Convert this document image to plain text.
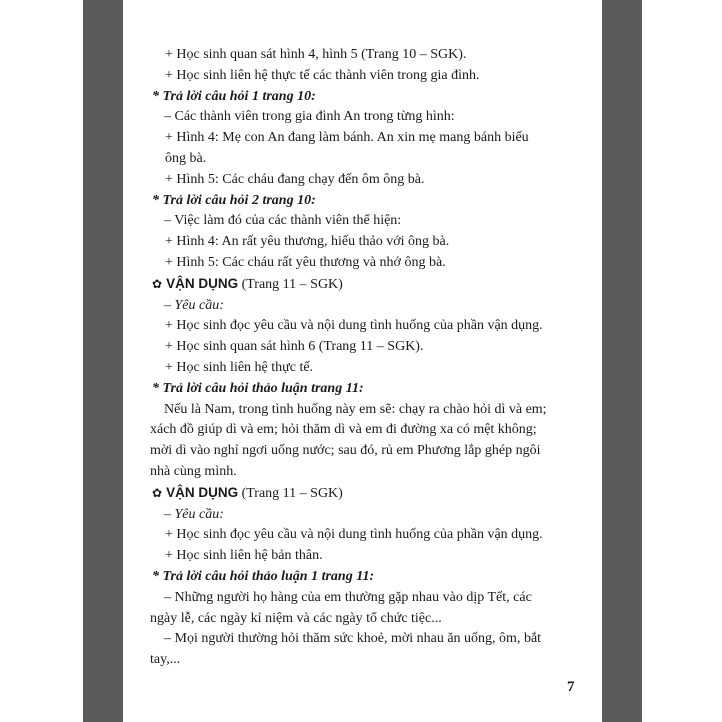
+ Học sinh quan sát hình 4, hình 5 (Trang 10 – SGK).
+ Học sinh liên hệ thực tế các thành viên trong gia đình.
* Trả lời câu hỏi 1 trang 10:
– Các thành viên trong gia đình An trong từng hình:
+ Hình 4: Mẹ con An đang làm bánh. An xin mẹ mang bánh biếu
ông bà.
+ Hình 5: Các cháu đang chạy đến ôm ông bà.
* Trả lời câu hỏi 2 trang 10:
– Việc làm đó của các thành viên thể hiện:
+ Hình 4: An rất yêu thương, hiếu thảo với ông bà.
+ Hình 5: Các cháu rất yêu thương và nhớ ông bà.
✿ VẬN DỤNG (Trang 11 – SGK)
– Yêu cầu:
+ Học sinh đọc yêu cầu và nội dung tình huống của phần vận dụng.
+ Học sinh quan sát hình 6 (Trang 11 – SGK).
+ Học sinh liên hệ thực tế.
* Trả lời câu hỏi thảo luận trang 11:
Nếu là Nam, trong tình huống này em sẽ: chạy ra chào hỏi dì và em;
xách đồ giúp dì và em; hỏi thăm dì và em đi đường xa có mệt không;
mời dì vào nghỉ ngơi uống nước; sau đó, rủ em Phương lắp ghép ngôi
nhà cùng mình.
✿ VẬN DỤNG (Trang 11 – SGK)
– Yêu cầu:
+ Học sinh đọc yêu cầu và nội dung tình huống của phần vận dụng.
+ Học sinh liên hệ bản thân.
* Trả lời câu hỏi thảo luận 1 trang 11:
– Những người họ hàng của em thường gặp nhau vào dịp Tết, các
ngày lễ, các ngày kỉ niệm và các ngày tổ chức tiệc...
– Mọi người thường hỏi thăm sức khoẻ, mời nhau ăn uống, ôm, bắt
tay,...
7
